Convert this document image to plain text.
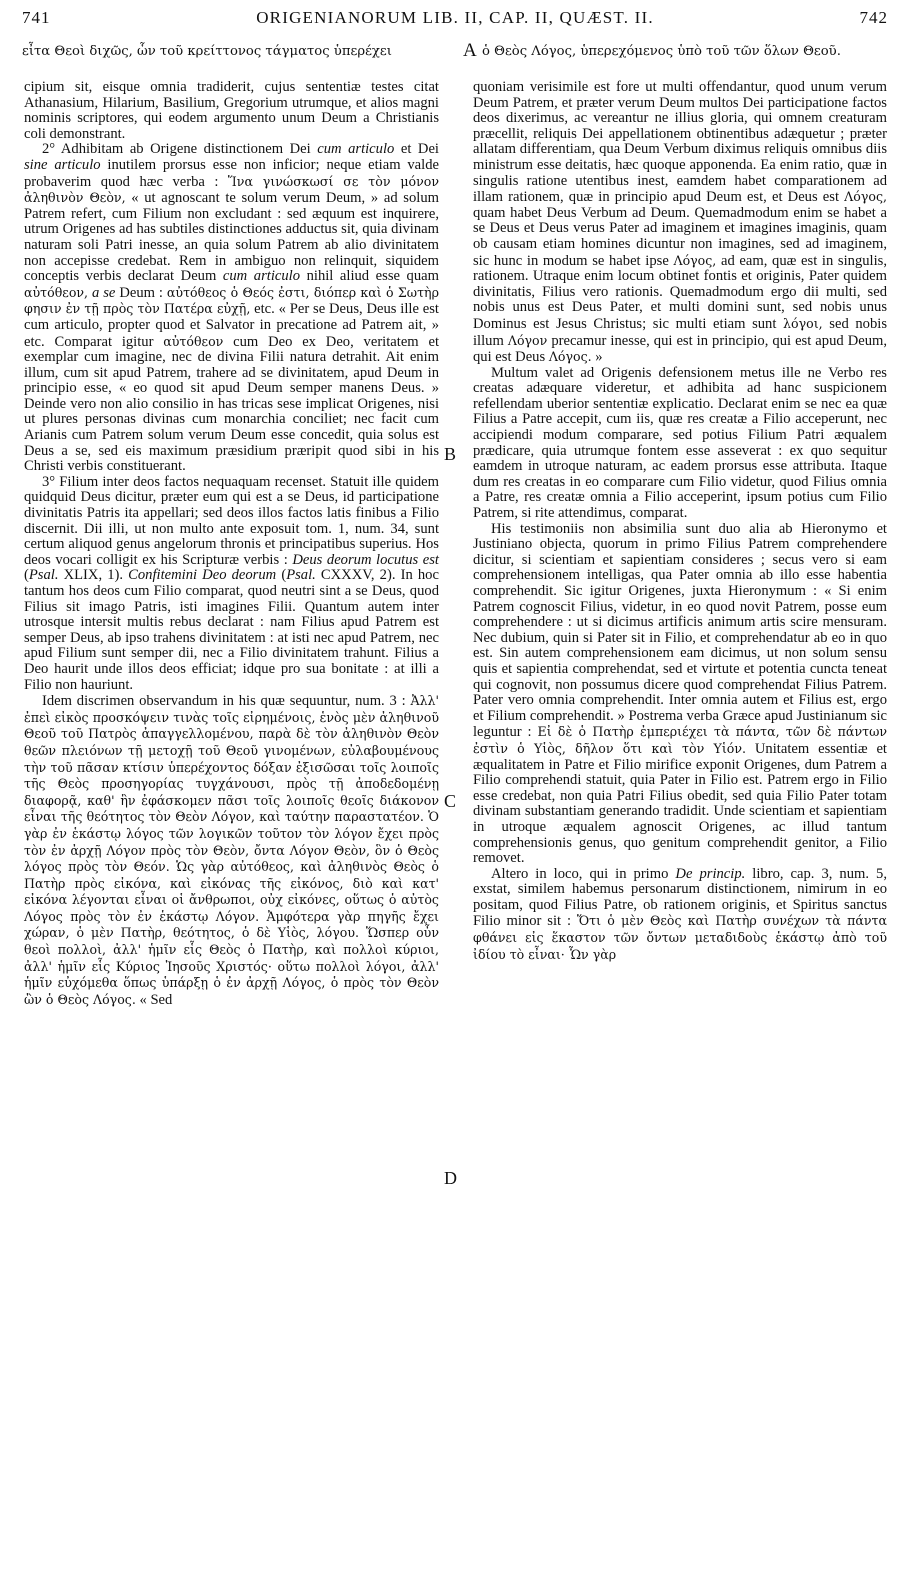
741	ORIGENIANORUM LIB. II, CAP. II, QUÆST. II.	742
εἶτα Θεοὶ διχῶς, ὧν τοῦ κρείττονος τάγματος ὑπερέχει	A ὁ Θεὸς Λόγος, ὑπερεχόμενος ὑπὸ τοῦ τῶν ὅλων Θεοῦ.

cipium sit, eisque omnia tradiderit, cujus sententiæ testes citat Athanasium, Hilarium, Basilium, Gregorium utrumque, et alios magni nominis scriptores, qui eodem argumento unum Deum a Christianis coli demonstrant.

2° Adhibitam ab Origene distinctionem Dei cum articulo et Dei sine articulo inutilem prorsus esse non inficior; neque etiam valde probaverim quod hæc verba : Ἵνα γινώσκωσί σε τὸν μόνον ἀληθινὸν Θεὸν, « ut agnoscant te solum verum Deum, » ad solum Patrem refert, cum Filium non excludant : sed æquum est inquirere, utrum Origenes ad has subtiles distinctiones adductus sit, quia divinam naturam soli Patri inesse, an quia solum Patrem ab alio divinitatem non accepisse credebat. Rem in ambiguo non relinquit, siquidem conceptis verbis declarat Deum cum articulo nihil aliud esse quam αὐτόθεον, a se Deum : αὐτόθεος ὁ Θεός ἐστι, διόπερ καὶ ὁ Σωτὴρ φησιν ἐν τῇ πρὸς τὸν Πατέρα εὐχῇ, etc. « Per se Deus, Deus ille est cum articulo, propter quod et Salvator in precatione ad Patrem ait, » etc. Comparat igitur αὐτόθεον cum Deo ex Deo, veritatem et exemplar cum imagine, nec de divina Filii natura detrahit. Ait enim illum, cum sit apud Patrem, trahere ad se divinitatem, apud Deum in principio esse, « eo quod sit apud Deum semper manens Deus. » Deinde vero non alio consilio in has tricas sese implicat Origenes, nisi ut plures personas divinas cum monarchia conciliet; nec facit cum Arianis cum Patrem solum verum Deum esse concedit, quia solus est Deus a se, sed eis maximum præsidium præripit quod sibi in his Christi verbis constituerant.

3° Filium inter deos factos nequaquam recenset. Statuit ille quidem quidquid Deus dicitur, præter eum qui est a se Deus, id participatione divinitatis Patris ita appellari; sed deos illos factos latis finibus a Filio discernit. Dii illi, ut non multo ante exposuit tom. 1, num. 34, sunt certum aliquod genus angelorum thronis et principatibus superius. Hos deos vocari colligit ex his Scripturæ verbis : Deus deorum locutus est (Psal. XLIX, 1). Confitemini Deo deorum (Psal. CXXXV, 2). In hoc tantum hos deos cum Filio comparat, quod neutri sint a se Deus, quod Filius sit imago Patris, isti imagines Filii. Quantum autem inter utrosque intersit multis rebus declarat : nam Filius apud Patrem est semper Deus, ab ipso trahens divinitatem : at isti nec apud Patrem, nec apud Filium sunt semper dii, nec a Filio divinitatem trahunt. Filius a Deo haurit unde illos deos efficiat; idque pro sua bonitate : at illi a Filio non hauriunt.

Idem discrimen observandum in his quæ sequuntur, num. 3 : Ἀλλ' ἐπεὶ εἰκὸς προσκόψειν τινὰς τοῖς εἰρημένοις, ἑνὸς μὲν ἀληθινοῦ Θεοῦ τοῦ Πατρὸς ἀπαγγελλομένου, παρὰ δὲ τὸν ἀληθινὸν Θεὸν θεῶν πλειόνων τῇ μετοχῇ τοῦ Θεοῦ γινομένων, εὐλαβουμένους τὴν τοῦ πᾶσαν κτίσιν ὑπερέχοντος δόξαν ἐξισῶσαι τοῖς λοιποῖς τῆς Θεὸς προσηγορίας τυγχάνουσι, πρὸς τῇ ἀποδεδομένῃ διαφορᾷ, καθ' ἣν ἐφάσκομεν πᾶσι τοῖς λοιποῖς θεοῖς διάκονον εἶναι τῆς θεότητος τὸν Θεὸν Λόγον, καὶ ταύτην παραστατέον. Ὁ γὰρ ἐν ἑκάστῳ λόγος τῶν λογικῶν τοῦτον τὸν λόγον ἔχει πρὸς τὸν ἐν ἀρχῇ Λόγον πρὸς τὸν Θεὸν, ὄντα Λόγον Θεὸν, ὃν ὁ Θεὸς λόγος πρὸς τὸν Θεόν. Ὡς γὰρ αὐτόθεος, καὶ ἀληθινὸς Θεὸς ὁ Πατὴρ πρὸς εἰκόνα, καὶ εἰκόνας τῆς εἰκόνος, διὸ καὶ κατ' εἰκόνα λέγονται εἶναι οἱ ἄνθρωποι, οὐχ εἰκόνες, οὕτως ὁ αὐτὸς Λόγος πρὸς τὸν ἐν ἑκάστῳ Λόγον. Ἀμφότερα γὰρ πηγῆς ἔχει χώραν, ὁ μὲν Πατὴρ, θεότητος, ὁ δὲ Υἱὸς, λόγου. Ὥσπερ οὖν θεοὶ πολλοὶ, ἀλλ' ἡμῖν εἷς Θεὸς ὁ Πατὴρ, καὶ πολλοὶ κύριοι, ἀλλ' ἡμῖν εἷς Κύριος Ἰησοῦς Χριστός· οὕτω πολλοὶ λόγοι, ἀλλ' ἡμῖν εὐχόμεθα ὅπως ὑπάρξῃ ὁ ἐν ἀρχῇ Λόγος, ὁ πρὸς τὸν Θεὸν ὢν ὁ Θεὸς Λόγος. « Sed

B
C
D

quoniam verisimile est fore ut multi offendantur, quod unum verum Deum Patrem, et præter verum Deum multos Dei participatione factos deos dixerimus, ac vereantur ne illius gloria, qui omnem creaturam præcellit, reliquis Dei appellationem obtinentibus adæquetur ; præter allatam differentiam, qua Deum Verbum diximus reliquis omnibus diis ministrum esse deitatis, hæc quoque apponenda. Ea enim ratio, quæ in singulis ratione utentibus inest, eamdem habet comparationem ad illam rationem, quæ in principio apud Deum est, et Deus est Λόγος, quam habet Deus Verbum ad Deum. Quemadmodum enim se habet a se Deus et Deus verus Pater ad imaginem et imagines imaginis, quam ob causam etiam homines dicuntur non imagines, sed ad imaginem, sic hunc in modum se habet ipse Λόγος, ad eam, quæ est in singulis, rationem. Utraque enim locum obtinet fontis et originis, Pater quidem divinitatis, Filius vero rationis. Quemadmodum ergo dii multi, sed nobis unus est Deus Pater, et multi domini sunt, sed nobis unus Dominus est Jesus Christus; sic multi etiam sunt λόγοι, sed nobis illum Λόγον precamur inesse, qui est in principio, qui est apud Deum, qui est Deus Λόγος. »

Multum valet ad Origenis defensionem metus ille ne Verbo res creatas adæquare videretur, et adhibita ad hanc suspicionem refellendam uberior sententiæ explicatio. Declarat enim se nec ea quæ Filius a Patre accepit, cum iis, quæ res creatæ a Filio acceperunt, nec accipiendi modum comparare, sed potius Filium Patri æqualem prædicare, quia utrumque fontem esse asseverat : ex quo sequitur eamdem in utroque naturam, ac eadem prorsus esse attributa. Itaque dum res creatas in eo comparare cum Filio videtur, quod Filius omnia a Patre, res creatæ omnia a Filio acceperint, ipsum potius cum Filio Patrem, si rite attendimus, comparat.

His testimoniis non absimilia sunt duo alia ab Hieronymo et Justiniano objecta, quorum in primo Filius Patrem comprehendere dicitur, si scientiam et sapientiam consideres ; secus vero si eam comprehensionem intelligas, qua Pater omnia ab illo esse habentia comprehendit. Sic igitur Origenes, juxta Hieronymum : « Si enim Patrem cognoscit Filius, videtur, in eo quod novit Patrem, posse eum comprehendere : ut si dicimus artificis animum artis scire mensuram. Nec dubium, quin si Pater sit in Filio, et comprehendatur ab eo in quo est. Sin autem comprehensionem eam dicimus, ut non solum sensu quis et sapientia comprehendat, sed et virtute et potentia cuncta teneat qui cognovit, non possumus dicere quod comprehendat Filius Patrem. Pater vero omnia comprehendit. Inter omnia autem et Filius est, ergo et Filium comprehendit. » Postrema verba Græce apud Justinianum sic leguntur : Εἰ δὲ ὁ Πατὴρ ἐμπεριέχει τὰ πάντα, τῶν δὲ πάντων ἐστὶν ὁ Υἱὸς, δῆλον ὅτι καὶ τὸν Υἱόν. Unitatem essentiæ et æqualitatem in Patre et Filio mirifice exponit Origenes, dum Patrem a Filio comprehendi statuit, quia Pater in Filio est. Patrem ergo in Filio esse credebat, non quia Patri Filius obedit, sed quia Filio Pater totam divinam substantiam generando tradidit. Unde scientiam et sapientiam in utroque æqualem agnoscit Origenes, ac illud tantum comprehensionis genus, quo genitum comprehendit genitor, a Filio removet.

Altero in loco, qui in primo De princip. libro, cap. 3, num. 5, exstat, similem habemus personarum distinctionem, nimirum in eo positam, quod Filius Patre, ob rationem originis, et Spiritus sanctus Filio minor sit : Ὅτι ὁ μὲν Θεὸς καὶ Πατὴρ συνέχων τὰ πάντα φθάνει εἰς ἕκαστον τῶν ὄντων μεταδιδοὺς ἑκάστῳ ἀπὸ τοῦ ἰδίου τὸ εἶναι· Ὧν γὰρ
